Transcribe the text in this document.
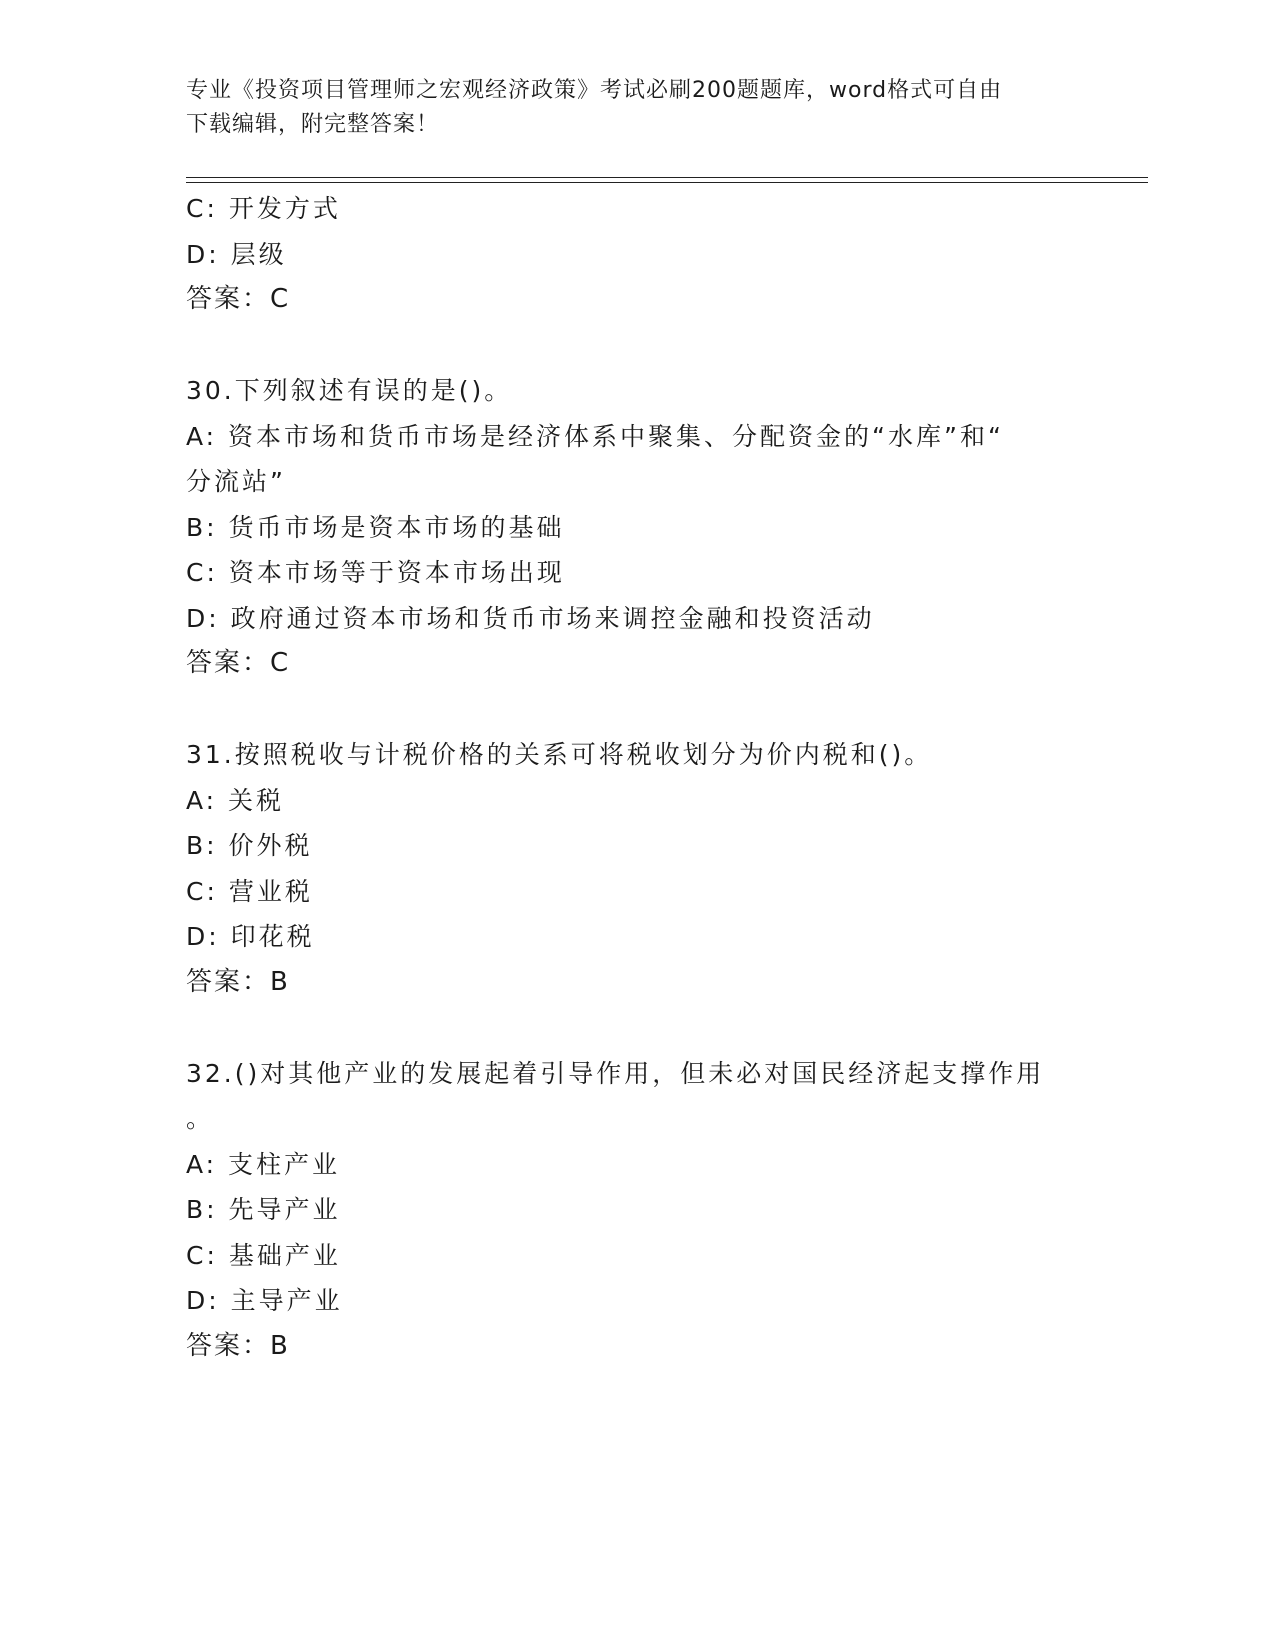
专业《投资项目管理师之宏观经济政策》考试必刷200题题库，word格式可自由
下载编辑，附完整答案！
C: 开发方式
D: 层级
答案：C
30.下列叙述有误的是()。
A: 资本市场和货币市场是经济体系中聚集、分配资金的“水库”和“
分流站”
B: 货币市场是资本市场的基础
C: 资本市场等于资本市场出现
D: 政府通过资本市场和货币市场来调控金融和投资活动
答案：C
31.按照税收与计税价格的关系可将税收划分为价内税和()。
A: 关税
B: 价外税
C: 营业税
D: 印花税
答案：B
32.()对其他产业的发展起着引导作用，但未必对国民经济起支撑作用
。
A: 支柱产业
B: 先导产业
C: 基础产业
D: 主导产业
答案：B
